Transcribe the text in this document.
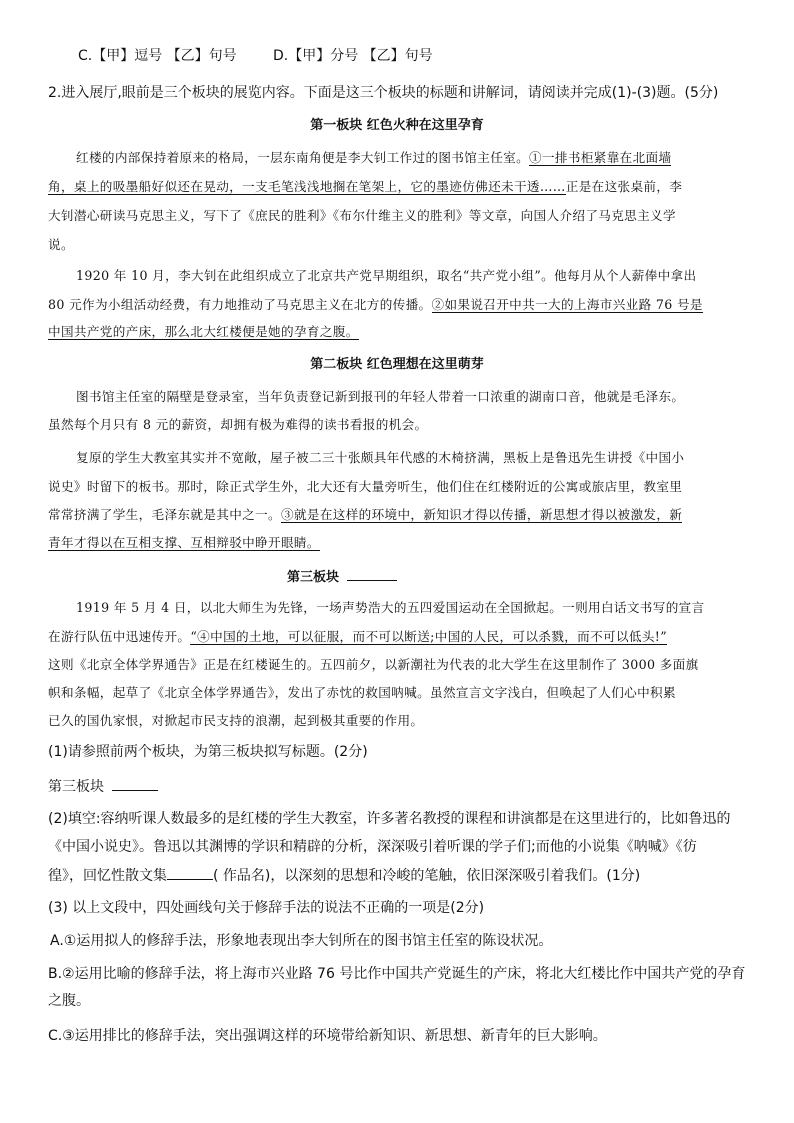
C.【甲】逗号 【乙】句号	D.【甲】分号 【乙】句号
2.进入展厅,眼前是三个板块的展览内容。下面是这三个板块的标题和讲解词，请阅读并完成(1)-(3)题。(5分)
第一板块 红色火种在这里孕育
红楼的内部保持着原来的格局，一层东南角便是李大钊工作过的图书馆主任室。①一排书柜紧靠在北面墙
角，桌上的吸墨船好似还在晃动，一支毛笔浅浅地搁在笔架上，它的墨迹仿佛还未干透……正是在这张桌前，李
大钊潜心研读马克思主义，写下了《庶民的胜利》《布尔什维主义的胜利》等文章，向国人介绍了马克思主义学
说。
1920 年 10 月，李大钊在此组织成立了北京共产党早期组织，取名“共产党小组”。他每月从个人薪俸中拿出
80 元作为小组活动经费，有力地推动了马克思主义在北方的传播。②如果说召开中共一大的上海市兴业路 76 号是
中国共产党的产床，那么北大红楼便是她的孕育之腹。
第二板块 红色理想在这里萌芽
图书馆主任室的隔壁是登录室，当年负责登记新到报刊的年轻人带着一口浓重的湖南口音，他就是毛泽东。
虽然每个月只有 8 元的薪资，却拥有极为难得的读书看报的机会。
复原的学生大教室其实并不宽敞，屋子被二三十张颇具年代感的木椅挤满，黑板上是鲁迅先生讲授《中国小
说史》时留下的板书。那时，除正式学生外，北大还有大量旁听生，他们住在红楼附近的公寓或旅店里，教室里
常常挤满了学生，毛泽东就是其中之一。③就是在这样的环境中，新知识才得以传播，新思想才得以被激发，新
青年才得以在互相支撑、互相辩驳中睁开眼睛。
第三板块
1919 年 5 月 4 日，以北大师生为先锋，一场声势浩大的五四爱国运动在全国掀起。一则用白话文书写的宣言
在游行队伍中迅速传开。“④中国的土地，可以征服，而不可以断送;中国的人民，可以杀戮，而不可以低头!”
这则《北京全体学界通告》正是在红楼诞生的。五四前夕，以新潮社为代表的北大学生在这里制作了 3000 多面旗
帜和条幅，起草了《北京全体学界通告》，发出了赤忱的救国呐喊。虽然宣言文字浅白，但唤起了人们心中积累
已久的国仇家恨，对掀起市民支持的浪潮，起到极其重要的作用。
(1)请参照前两个板块，为第三板块拟写标题。(2分)
第三板块
(2)填空:容纳听课人数最多的是红楼的学生大教室，许多著名教授的课程和讲演都是在这里进行的，比如鲁迅的
《中国小说史》。鲁迅以其渊博的学识和精辟的分析，深深吸引着听课的学子们;而他的小说集《呐喊》《彷
徨》，回忆性散文集	( 作品名)，以深刻的思想和冷峻的笔触，依旧深深吸引着我们。(1分)
(3) 以上文段中，四处画线句关于修辞手法的说法不正确的一项是(2分)
A.①运用拟人的修辞手法，形象地表现出李大钊所在的图书馆主任室的陈设状况。
B.②运用比喻的修辞手法，将上海市兴业路 76 号比作中国共产党诞生的产床，将北大红楼比作中国共产党的孕育
之腹。
C.③运用排比的修辞手法，突出强调这样的环境带给新知识、新思想、新青年的巨大影响。
